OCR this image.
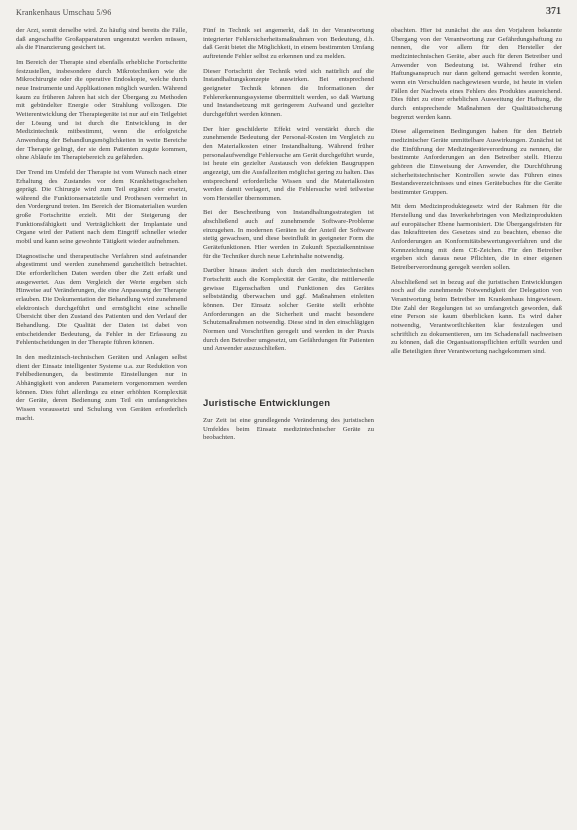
Krankenhaus Umschau 5/96	371

der Arzt, somit derselbe wird. Zu häufig sind bereits die Fälle, daß angeschaffte Großapparaturen ungenutzt werden müssen, als die Finanzierung gesichert ist.

Im Bereich der Therapie sind ebenfalls erhebliche Fortschritte festzustellen, insbesondere durch Mikrotechniken wie die Mikrochirurgie oder die operative Endoskopie, welche durch neue Instrumente und Applikationen möglich wurden. Während kaum zu früheren Jahren hat sich der Übergang zu Methoden mit gebündelter Energie oder Strahlung vollzogen. Die Weiterentwicklung der Therapiegeräte ist nur auf ein Teilgebiet der Lösung und ist durch die Entwicklung in der Medizintechnik mitbestimmt, wenn die erfolgreiche Anwendung der Behandlungsmöglichkeiten in weite Bereiche der Therapie gelingt, der sie dem Patienten zugute kommen, ohne Abläufe im Therapiebereich zu gefährden.

Der Trend im Umfeld der Therapie ist vom Wunsch nach einer Erhaltung des Zustandes vor dem Krankheitsgeschehen geprägt. Die Chirurgie wird zum Teil ergänzt oder ersetzt, während die Funktionsersatzteile und Prothesen vermehrt in den Vordergrund treten. Im Bereich der Biomaterialien wurden große Fortschritte erzielt. Mit der Steigerung der Funktionsfähigkeit und Verträglichkeit der Implantate und Organe wird der Patient nach dem Eingriff schneller wieder mobil und kann seine gewohnte Tätigkeit wieder aufnehmen.

Diagnostische und therapeutische Verfahren sind aufeinander abgestimmt und werden zunehmend ganzheitlich betrachtet. Die erforderlichen Daten werden über die Zeit erfaßt und ausgewertet. Aus dem Vergleich der Werte ergeben sich Hinweise auf Veränderungen, die eine Anpassung der Therapie erlauben. Die Dokumentation der Behandlung wird zunehmend elektronisch durchgeführt und ermöglicht eine schnelle Übersicht über den Zustand des Patienten und den Verlauf der Behandlung. Die Qualität der Daten ist dabei von entscheidender Bedeutung, da Fehler in der Erfassung zu Fehlentscheidungen in der Therapie führen können.

In den medizinisch-technischen Geräten und Anlagen selbst dient der Einsatz intelligenter Systeme u.a. zur Reduktion von Fehlbedienungen, da bestimmte Einstellungen nur in Abhängigkeit von anderen Parametern vorgenommen werden können. Dies führt allerdings zu einer erhöhten Komplexität der Geräte, deren Bedienung zum Teil ein umfangreiches Wissen voraussetzt und Schulung von Geräten erforderlich macht.

Fünf in Technik sei angemerkt, daß in der Verantwortung integrierter Fehlersicherheitsmaßnahmen von Bedeutung, d.h. daß Gerät bietet die Möglichkeit, in einem bestimmten Umfang auftretende Fehler selbst zu erkennen und zu melden.

Dieser Fortschritt der Technik wird sich natürlich auf die Instandhaltungskonzepte auswirken. Bei entsprechend geeigneter Technik können die Informationen der Fehlererkennungssysteme übermittelt werden, so daß Wartung und Instandsetzung mit geringerem Aufwand und gezielter durchgeführt werden können.

Der hier geschilderte Effekt wird verstärkt durch die zunehmende Bedeutung der Personal-Kosten im Vergleich zu den Materialkosten einer Instandhaltung. Während früher personalaufwendige Fehlersuche am Gerät durchgeführt wurde, ist heute ein gezielter Austausch von defekten Baugruppen angezeigt, um die Ausfallzeiten möglichst gering zu halten. Das entsprechend erforderliche Wissen und die Materialkosten werden damit verlagert, und die Fehlersuche wird teilweise vom Hersteller übernommen.

Bei der Beschreibung von Instandhaltungsstrategien ist abschließend auch auf zunehmende Software-Probleme einzugehen. In modernen Geräten ist der Anteil der Software stetig gewachsen, und diese beeinflußt in geeigneter Form die Gerätefunktionen. Hier werden in Zukunft Spezialkenntnisse für die Techniker durch neue Lehrinhalte notwendig.

Darüber hinaus ändert sich durch den medizintechnischen Fortschritt auch die Komplexität der Geräte, die mittlerweile gewisse Eigenschaften und Funktionen des Gerätes selbstständig überwachen und ggf. Maßnahmen einleiten können. Der Einsatz solcher Geräte stellt erhöhte Anforderungen an die Sicherheit und macht besondere Schutzmaßnahmen notwendig. Diese sind in den einschlägigen Normen und Vorschriften geregelt und werden in der Praxis durch den Betreiber umgesetzt, um Gefährdungen für Patienten und Anwender auszuschließen.

Juristische Entwicklungen

Zur Zeit ist eine grundlegende Veränderung des juristischen Umfeldes beim Einsatz medizintechnischer Geräte zu beobachten.

obachten. Hier ist zunächst die aus den Vorjahren bekannte Übergang von der Verantwortung zur Gefährdungshaftung zu nennen, die vor allem für den Hersteller der medizintechnischen Geräte, aber auch für deren Betreiber und Anwender von Bedeutung ist. Während früher ein Haftungsanspruch nur dann geltend gemacht werden konnte, wenn ein Verschulden nachgewiesen wurde, ist heute in vielen Fällen der Nachweis eines Fehlers des Produktes ausreichend. Dies führt zu einer erheblichen Ausweitung der Haftung, die durch entsprechende Maßnahmen der Qualitätssicherung begrenzt werden kann.

Diese allgemeinen Bedingungen haben für den Betrieb medizinischer Geräte unmittelbare Auswirkungen. Zunächst ist die Einführung der Medizingeräteverordnung zu nennen, die bestimmte Anforderungen an den Betreiber stellt. Hierzu gehören die Einweisung der Anwender, die Durchführung sicherheitstechnischer Kontrollen sowie das Führen eines Bestandsverzeichnisses und eines Gerätebuches für die Geräte bestimmter Gruppen.

Mit dem Medizinproduktegesetz wird der Rahmen für die Herstellung und das Inverkehrbringen von Medizinprodukten auf europäischer Ebene harmonisiert. Die Übergangsfristen für das Inkrafttreten des Gesetzes sind zu beachten, ebenso die Anforderungen an Konformitätsbewertungsverfahren und die Kennzeichnung mit dem CE-Zeichen. Für den Betreiber ergeben sich daraus neue Pflichten, die in einer eigenen Betreiberverordnung geregelt werden sollen.

Abschließend sei in bezug auf die juristischen Entwicklungen noch auf die zunehmende Notwendigkeit der Delegation von Verantwortung beim Betreiber im Krankenhaus hingewiesen. Die Zahl der Regelungen ist so umfangreich geworden, daß eine Person sie kaum überblicken kann. Es wird daher notwendig, Verantwortlichkeiten klar festzulegen und schriftlich zu dokumentieren, um im Schadensfall nachweisen zu können, daß die Organisationspflichten erfüllt wurden und alle Beteiligten ihrer Verantwortung nachgekommen sind.
